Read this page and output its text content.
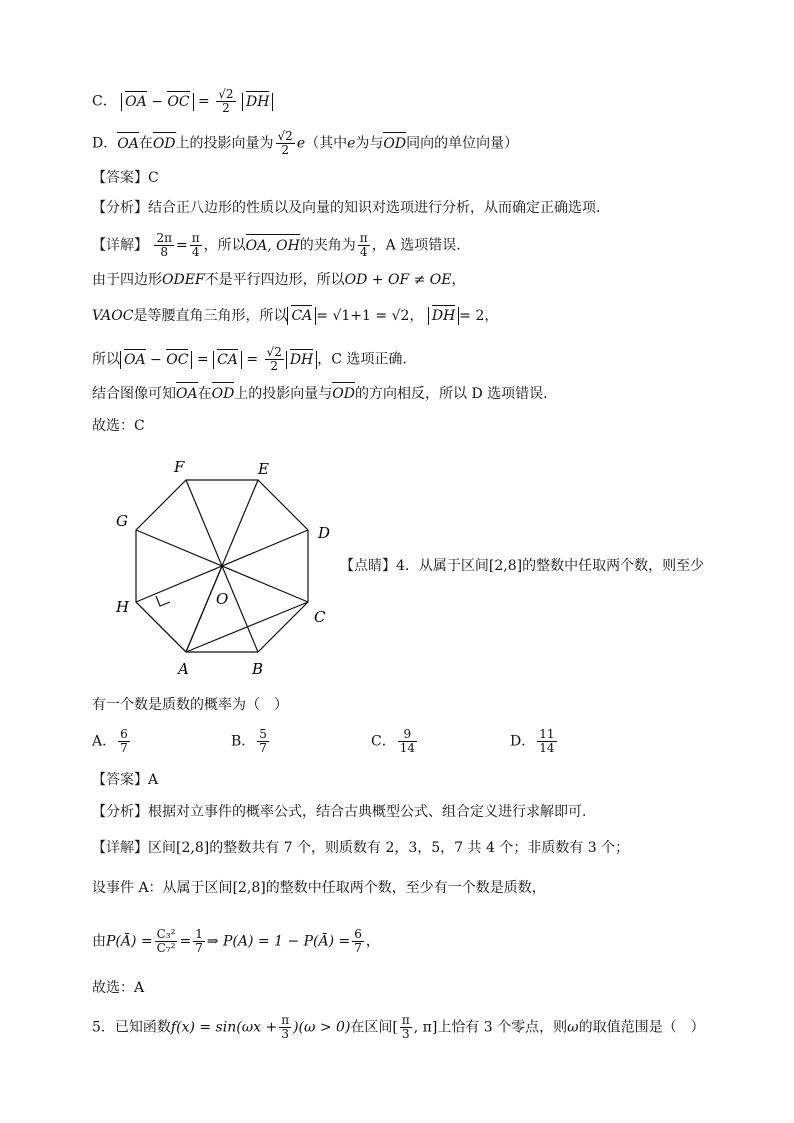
C． OA − OC = $\frac{√2}{2}$ DH
D．OA在OD上的投影向量为 $\frac{√2}{2} e$（其中e为与OD同向的单位向量）
【答案】C
【分析】结合正八边形的性质以及向量的知识对选项进行分析，从而确定正确选项.
【详解】 $\frac{2\pi}{8} = \frac{\pi}{4}$ ，所以OA, OH的夹角为 $\frac{\pi}{4}$ ，A 选项错误.
由于四边形ODEF不是平行四边形，所以OD + OF ≠ OE，
VAOC是等腰直角三角形，所以 CA = √1+1 = √2， DH = 2，
所以 OA − OC = CA = $\frac{√2}{2}$ DH ，C 选项正确.
结合图像可知OA在OD上的投影向量与OD的方向相反，所以 D 选项错误.
故选：C
F	E
G
D
H	O
C
A	B
【点睛】4．从属于区间[2,8]的整数中任取两个数，则至少
有一个数是质数的概率为（　）
A． $\frac{6}{7}$	B． $\frac{5}{7}$	C． $\frac{9}{14}$	D． $\frac{11}{14}$
【答案】A
【分析】根据对立事件的概率公式，结合古典概型公式、组合定义进行求解即可.
【详解】区间[2,8]的整数共有 7 个，则质数有 2，3，5，7 共 4 个；非质数有 3 个；
设事件 A：从属于区间[2,8]的整数中任取两个数，至少有一个数是质数，
由P(Ā) = $\frac{\text{C₃²}}{\text{C₇²}} = \frac{1}{7}$ ⇒ P(A) = 1 − P(Ā) = $\frac{6}{7}$ ，
故选：A
5．已知函数$f(x) = \sin(\omega x + \frac{\pi}{3} )(\omega > 0)$在区间[ $\frac{\pi}{3}$ , π]上恰有 3 个零点，则ω的取值范围是（　）
